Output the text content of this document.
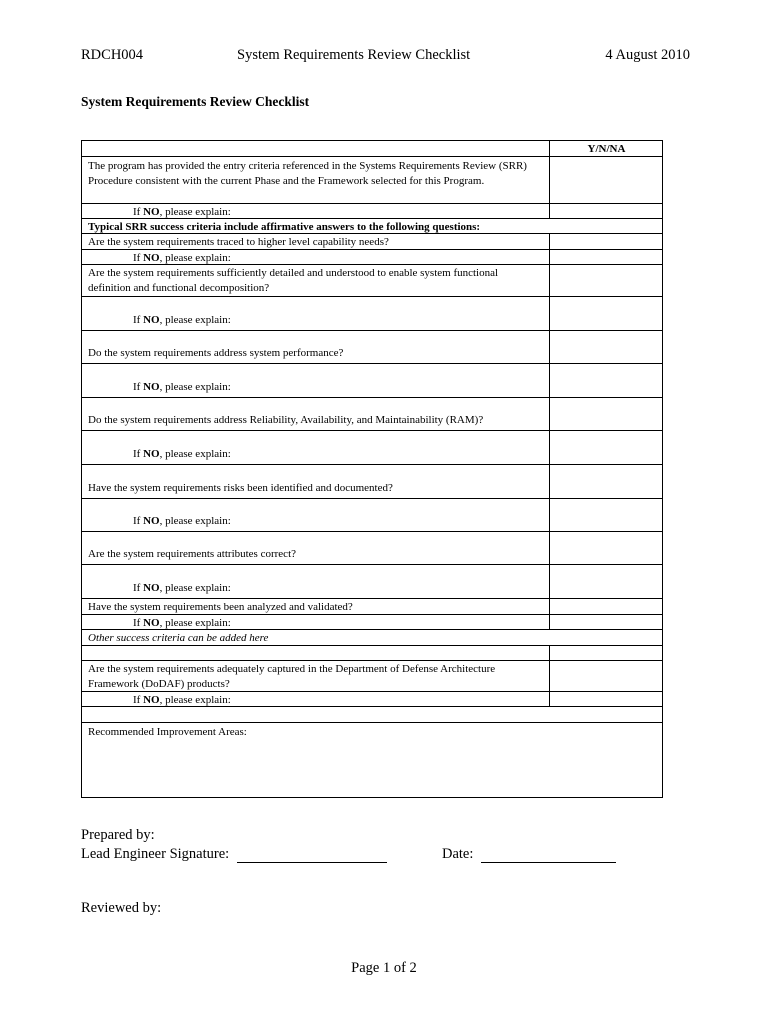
RDCH004	System Requirements Review Checklist	4 August 2010
System Requirements Review Checklist
Y/N/NA
The program has provided the entry criteria referenced in the Systems Requirements Review (SRR) Procedure consistent with the current Phase and the Framework selected for this Program.
If NO, please explain:
Typical SRR success criteria include affirmative answers to the following questions:
Are the system requirements traced to higher level capability needs?
If NO, please explain:
Are the system requirements sufficiently detailed and understood to enable system functional definition and functional decomposition?
If NO, please explain:
Do the system requirements address system performance?
If NO, please explain:
Do the system requirements address Reliability, Availability, and Maintainability (RAM)?
If NO, please explain:
Have the system requirements risks been identified and documented?
If NO, please explain:
Are the system requirements attributes correct?
If NO, please explain:
Have the system requirements been analyzed and validated?
If NO, please explain:
Other success criteria can be added here
Are the system requirements adequately captured in the Department of Defense Architecture Framework (DoDAF) products?
If NO, please explain:
Recommended Improvement Areas:
Prepared by:
Lead Engineer Signature:	Date:
Reviewed by:
Page 1 of 2
